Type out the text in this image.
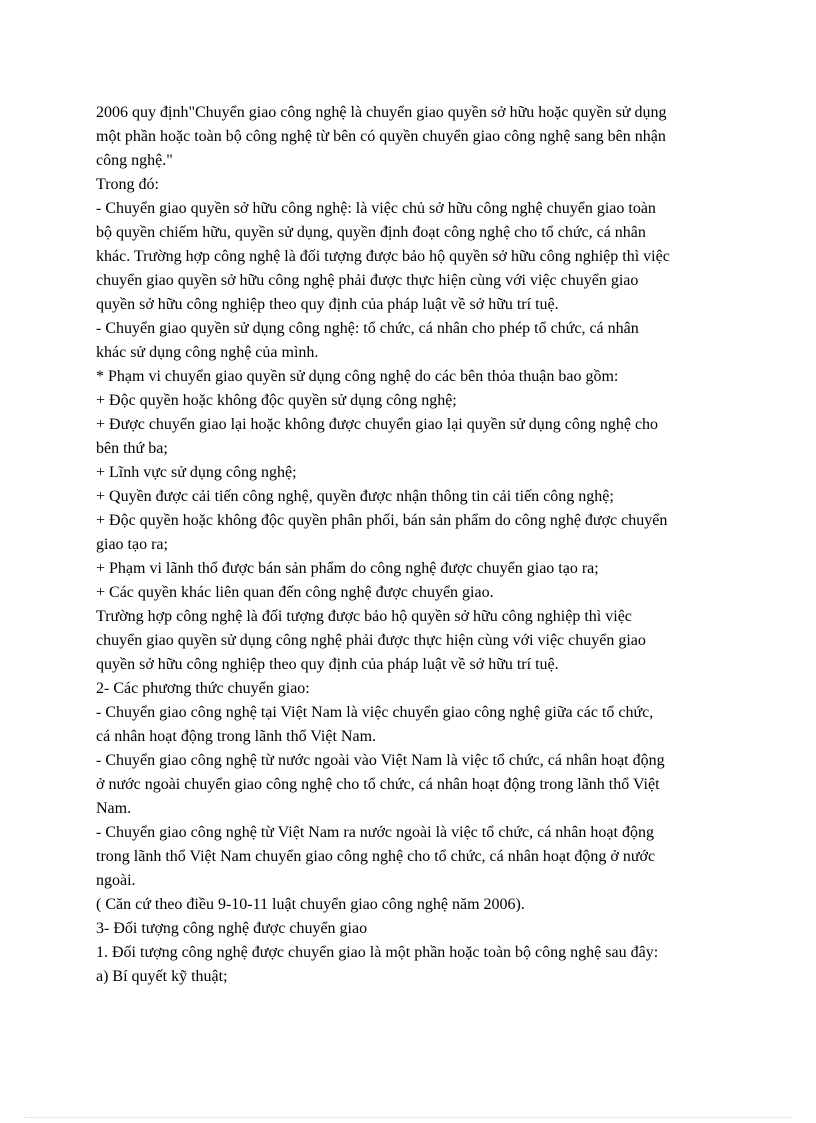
2006 quy định"Chuyển giao công nghệ là chuyển giao quyền sở hữu hoặc quyền sử dụng
một phần hoặc toàn bộ công nghệ từ bên có quyền chuyển giao công nghệ sang bên nhận
công nghệ."
Trong đó:
- Chuyển giao quyền sở hữu công nghệ: là việc chủ sở hữu công nghệ chuyển giao toàn
bộ quyền chiếm hữu, quyền sử dụng, quyền định đoạt công nghệ cho tổ chức, cá nhân
khác. Trường hợp công nghệ là đối tượng được bảo hộ quyền sở hữu công nghiệp thì việc
chuyển giao quyền sở hữu công nghệ phải được thực hiện cùng với việc chuyển giao
quyền sở hữu công nghiệp theo quy định của pháp luật về sở hữu trí tuệ.
- Chuyển giao quyền sử dụng công nghệ: tổ chức, cá nhân cho phép tổ chức, cá nhân
khác sử dụng công nghệ của mình.
* Phạm vi chuyển giao quyền sử dụng công nghệ do các bên thỏa thuận bao gồm:
+ Độc quyền hoặc không độc quyền sử dụng công nghệ;
+ Được chuyển giao lại hoặc không được chuyển giao lại quyền sử dụng công nghệ cho
bên thứ ba;
+ Lĩnh vực sử dụng công nghệ;
+ Quyền được cải tiến công nghệ, quyền được nhận thông tin cải tiến công nghệ;
+ Độc quyền hoặc không độc quyền phân phối, bán sản phẩm do công nghệ được chuyển
giao tạo ra;
+ Phạm vi lãnh thổ được bán sản phẩm do công nghệ được chuyển giao tạo ra;
+ Các quyền khác liên quan đến công nghệ được chuyển giao.
Trường hợp công nghệ là đối tượng được bảo hộ quyền sở hữu công nghiệp thì việc
chuyển giao quyền sử dụng công nghệ phải được thực hiện cùng với việc chuyển giao
quyền sở hữu công nghiệp theo quy định của pháp luật về sở hữu trí tuệ.
2- Các phương thức chuyển giao:
- Chuyển giao công nghệ tại Việt Nam là việc chuyển giao công nghệ giữa các tổ chức,
cá nhân hoạt động trong lãnh thổ Việt Nam.
- Chuyển giao công nghệ từ nước ngoài vào Việt Nam là việc tổ chức, cá nhân hoạt động
ở nước ngoài chuyển giao công nghệ cho tổ chức, cá nhân hoạt động trong lãnh thổ Việt
Nam.
- Chuyển giao công nghệ từ Việt Nam ra nước ngoài là việc tổ chức, cá nhân hoạt động
trong lãnh thổ Việt Nam chuyển giao công nghệ cho tổ chức, cá nhân hoạt động ở nước
ngoài.
( Căn cứ theo điều 9-10-11 luật chuyển giao công nghệ năm 2006).
3- Đối tượng công nghệ được chuyển giao
1. Đối tượng công nghệ được chuyển giao là một phần hoặc toàn bộ công nghệ sau đây:
a) Bí quyết kỹ thuật;
